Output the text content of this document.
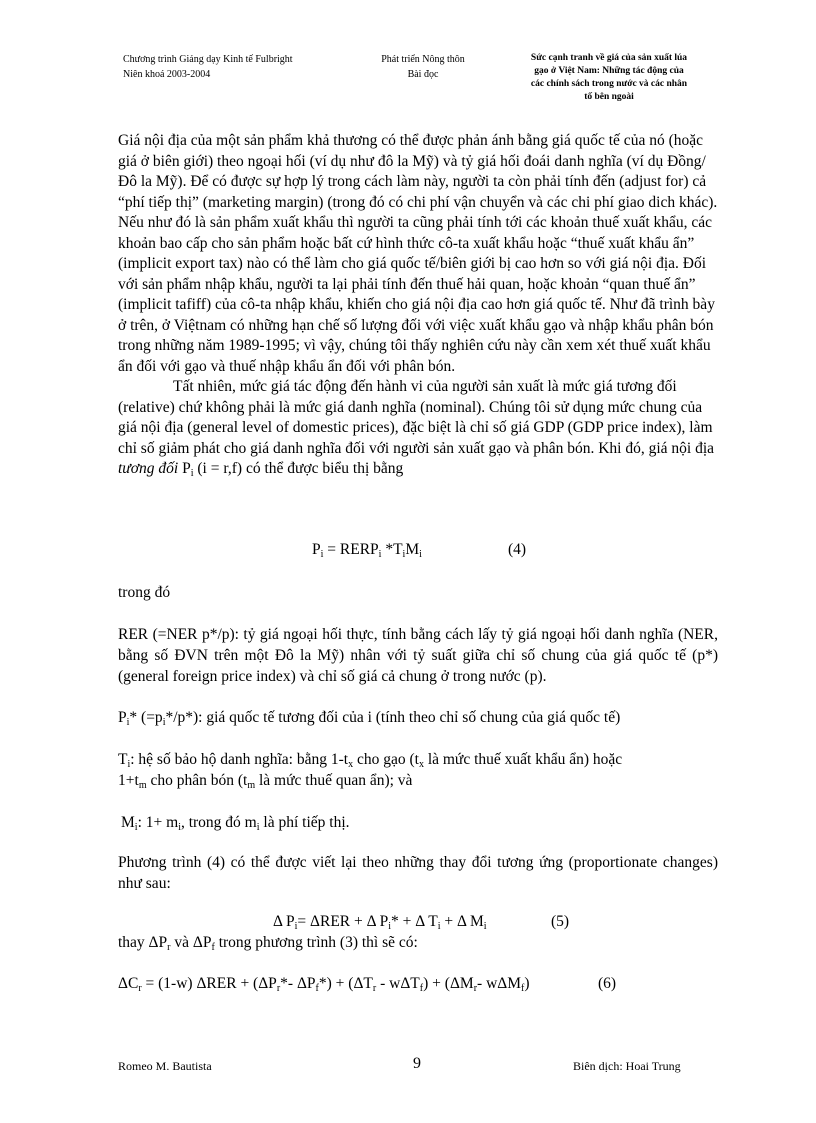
Chương trình Giảng dạy Kinh tế Fulbright
Niên khoá 2003-2004
Phát triển Nông thôn
Bài đọc
Sức cạnh tranh về giá của sản xuất lúa
gạo ở Việt Nam: Những tác động của
các chính sách trong nước và các nhân
tố bên ngoài

Giá nội địa của một sản phẩm khả thương có thể được phản ánh bằng giá quốc tế của nó (hoặc giá ở biên giới) theo ngoại hối (ví dụ như đô la Mỹ) và tỷ giá hối đoái danh nghĩa (ví dụ Đồng/Đô la Mỹ). Để có được sự hợp lý trong cách làm này, người ta còn phải tính đến (adjust for) cả “phí tiếp thị” (marketing margin) (trong đó có chi phí vận chuyển và các chi phí giao dich khác). Nếu như đó là sản phẩm xuất khẩu thì người ta cũng phải tính tới các khoản thuế xuất khẩu, các khoản bao cấp cho sản phẩm hoặc bất cứ hình thức cô-ta xuất khẩu hoặc “thuế xuất khẩu ẩn” (implicit export tax) nào có thể làm cho giá quốc tế/biên giới bị cao hơn so với giá nội địa. Đối với sản phẩm nhập khẩu, người ta lại phải tính đến thuế hải quan, hoặc khoản “quan thuế ẩn” (implicit tafiff) của cô-ta nhập khẩu, khiến cho giá nội địa cao hơn giá quốc tế. Như đã trình bày ở trên, ở Việtnam có những hạn chế số lượng đối với việc xuất khẩu gạo và nhập khẩu phân bón trong những năm 1989-1995; vì vậy, chúng tôi thấy nghiên cứu này cần xem xét thuế xuất khẩu ẩn đối với gạo và thuế nhập khẩu ẩn đối với phân bón.

Tất nhiên, mức giá tác động đến hành vi của người sản xuất là mức giá tương đối (relative) chứ không phải là mức giá danh nghĩa (nominal). Chúng tôi sử dụng mức chung của giá nội địa (general level of domestic prices), đặc biệt là chỉ số giá GDP (GDP price index), làm chỉ số giảm phát cho giá danh nghĩa đối với người sản xuất gạo và phân bón. Khi đó, giá nội địa tương đối $P_i$ (i = r,f) có thể được biểu thị bằng

$P_i$ = $RERP_i$ $*T_iM_i$	(4)
trong đó
RER (=NER p*/p): tỷ giá ngoại hối thực, tính bằng cách lấy tỷ giá ngoại hối danh nghĩa (NER, bằng số ĐVN trên một Đô la Mỹ) nhân với tỷ suất giữa chỉ số chung của giá quốc tế (p*) (general foreign price index) và chỉ số giá cả chung ở trong nước (p).
$P_i*$ $(=p_i*/p*)$: giá quốc tế tương đối của i (tính theo chỉ số chung của giá quốc tế)
$T_i$: hệ số bảo hộ danh nghĩa: bằng $1-t_x$ cho gạo ($t_x$ là mức thuế xuất khẩu ẩn) hoặc
$1+t_m$ cho phân bón ($t_m$ là mức thuế quan ẩn); và
$M_i$: $1+ m_i$, trong đó $m_i$ là phí tiếp thị.
Phương trình (4) có thể được viết lại theo những thay đổi tương ứng (proportionate changes) như sau:
Δ $P_i= \Delta RER + \Delta$ $P_i* + \Delta$ $T_i + \Delta$ $M_i$	(5)
thay $\Delta P_r$ và $\Delta P_f$ trong phương trình (3) thì sẽ có:
$\Delta C_r = (1-w) \Delta RER + (\Delta P_r*-$ $\Delta P_f*) + (\Delta T_r - w\Delta T_f) + (\Delta M_r-$ wΔM$_f$)	(6)
Romeo M. Bautista	9	Biên dịch: Hoai Trung
